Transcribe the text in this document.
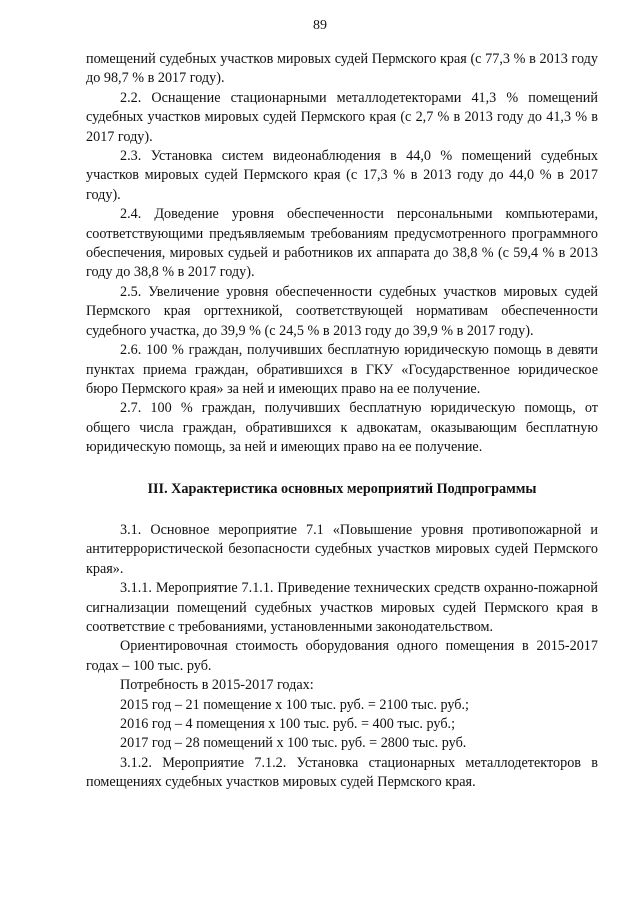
89

помещений судебных участков мировых судей Пермского края (с 77,3 % в 2013 году до 98,7 % в 2017 году).

2.2. Оснащение стационарными металлодетекторами 41,3 % помещений судебных участков мировых судей Пермского края (с 2,7 % в 2013 году до 41,3 % в 2017 году).

2.3. Установка систем видеонаблюдения в 44,0 % помещений судебных участков мировых судей Пермского края (с 17,3 % в 2013 году до 44,0 % в 2017 году).

2.4. Доведение уровня обеспеченности персональными компьютерами, соответствующими предъявляемым требованиям предусмотренного программного обеспечения, мировых судьей и работников их аппарата до 38,8 % (с 59,4 % в 2013 году до 38,8 % в 2017 году).

2.5. Увеличение уровня обеспеченности судебных участков мировых судей Пермского края оргтехникой, соответствующей нормативам обеспеченности судебного участка, до 39,9 % (с 24,5 % в 2013 году до 39,9 % в 2017 году).

2.6. 100 % граждан, получивших бесплатную юридическую помощь в девяти пунктах приема граждан, обратившихся в ГКУ «Государственное юридическое бюро Пермского края» за ней и имеющих право на ее получение.

2.7. 100 % граждан, получивших бесплатную юридическую помощь, от общего числа граждан, обратившихся к адвокатам, оказывающим бесплатную юридическую помощь, за ней и имеющих право на ее получение.

III. Характеристика основных мероприятий Подпрограммы

3.1. Основное мероприятие 7.1 «Повышение уровня противопожарной и антитеррористической безопасности судебных участков мировых судей Пермского края».

3.1.1. Мероприятие 7.1.1. Приведение технических средств охранно-пожарной сигнализации помещений судебных участков мировых судей Пермского края в соответствие с требованиями, установленными законодательством.

Ориентировочная стоимость оборудования одного помещения в 2015-2017 годах – 100 тыс. руб.

Потребность в 2015-2017 годах:

2015 год – 21 помещение х 100 тыс. руб. = 2100 тыс. руб.;

2016 год – 4 помещения х 100 тыс. руб. = 400 тыс. руб.;

2017 год – 28 помещений х 100 тыс. руб. = 2800 тыс. руб.

3.1.2. Мероприятие 7.1.2. Установка стационарных металлодетекторов в помещениях судебных участков мировых судей Пермского края.
